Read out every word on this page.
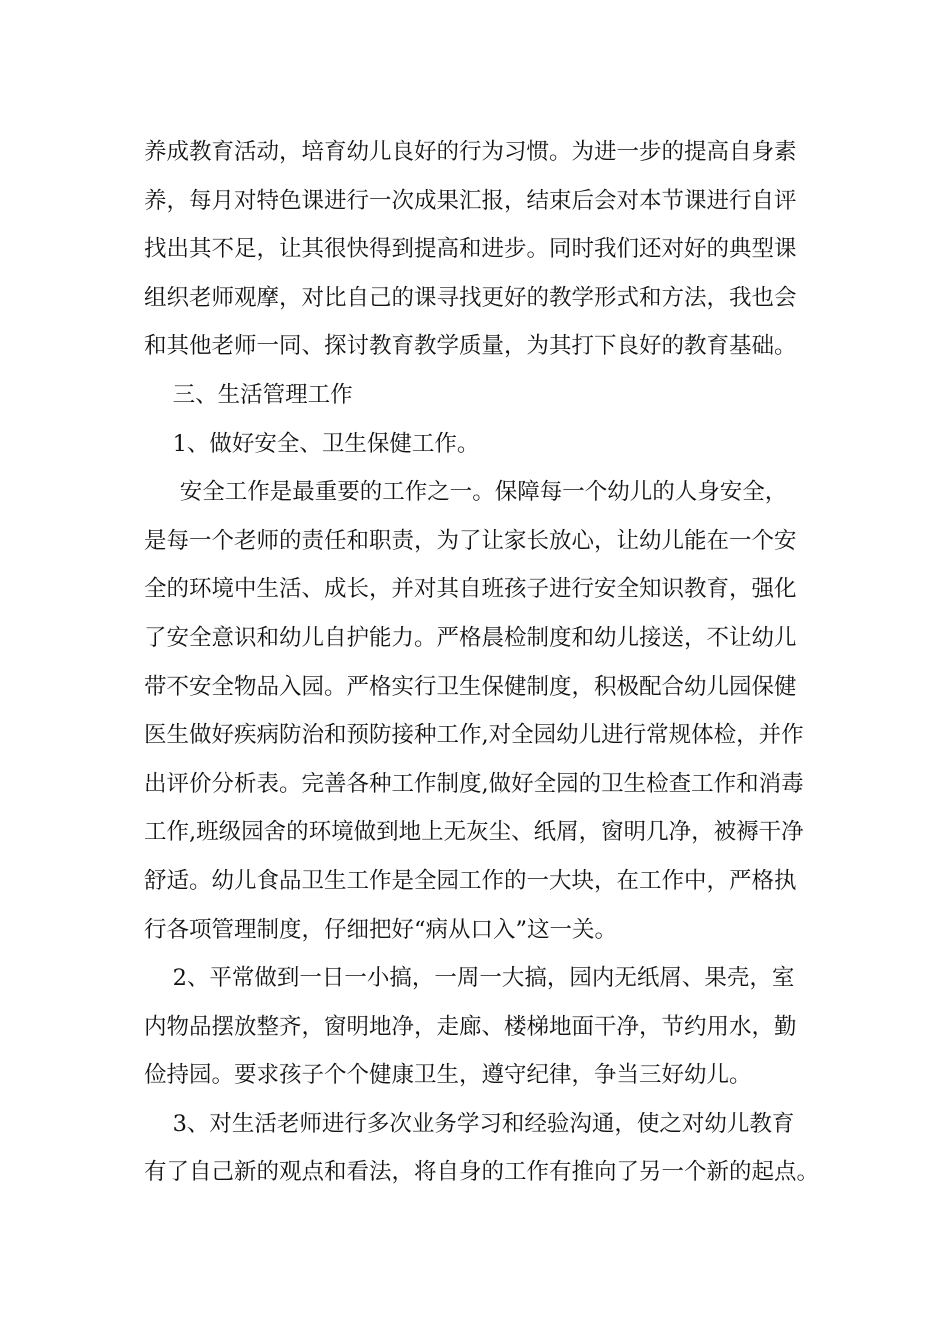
养成教育活动，培育幼儿良好的行为习惯。为进一步的提高自身素
养，每月对特色课进行一次成果汇报，结束后会对本节课进行自评
找出其不足，让其很快得到提高和进步。同时我们还对好的典型课
组织老师观摩，对比自己的课寻找更好的教学形式和方法，我也会
和其他老师一同、探讨教育教学质量，为其打下良好的教育基础。
三、生活管理工作
1、做好安全、卫生保健工作。
安全工作是最重要的工作之一。保障每一个幼儿的人身安全，
是每一个老师的责任和职责，为了让家长放心，让幼儿能在一个安
全的环境中生活、成长，并对其自班孩子进行安全知识教育，强化
了安全意识和幼儿自护能力。严格晨检制度和幼儿接送，不让幼儿
带不安全物品入园。严格实行卫生保健制度，积极配合幼儿园保健
医生做好疾病防治和预防接种工作,对全园幼儿进行常规体检，并作
出评价分析表。完善各种工作制度,做好全园的卫生检查工作和消毒
工作,班级园舍的环境做到地上无灰尘、纸屑，窗明几净，被褥干净
舒适。幼儿食品卫生工作是全园工作的一大块，在工作中，严格执
行各项管理制度，仔细把好“病从口入”这一关。
2、平常做到一日一小搞，一周一大搞，园内无纸屑、果壳，室
内物品摆放整齐，窗明地净，走廊、楼梯地面干净，节约用水，勤
俭持园。要求孩子个个健康卫生，遵守纪律，争当三好幼儿。
3、对生活老师进行多次业务学习和经验沟通，使之对幼儿教育
有了自己新的观点和看法，将自身的工作有推向了另一个新的起点。
